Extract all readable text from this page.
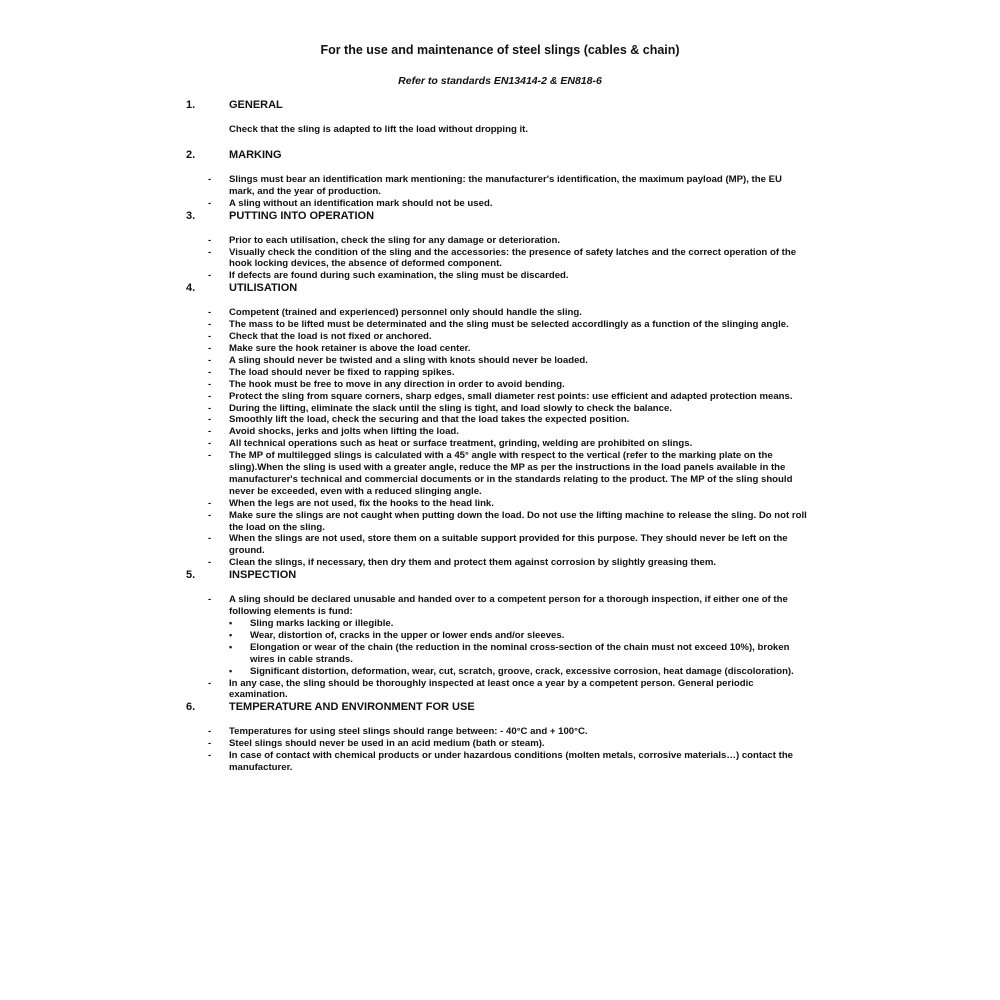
For the use and maintenance of steel slings (cables & chain)
Refer to standards EN13414-2 & EN818-6
1.	GENERAL
Check that the sling is adapted to lift the load without dropping it.
2.	MARKING
-	Slings must bear an identification mark mentioning: the manufacturer's identification, the maximum payload (MP), the EU mark, and the year of production.
-	A sling without an identification mark should not be used.
3.	PUTTING INTO OPERATION
-	Prior to each utilisation, check the sling for any damage or deterioration.
-	Visually check the condition of the sling and the accessories: the presence of safety latches and the correct operation of the hook locking devices, the absence of deformed component.
-	If defects are found during such examination, the sling must be discarded.
4.	UTILISATION
-	Competent (trained and experienced) personnel only should handle the sling.
-	The mass to be lifted must be determinated and the sling must be selected accordlingly as a function of the slinging angle.
-	Check that the load is not fixed or anchored.
-	Make sure the hook retainer is above the load center.
-	A sling should never be twisted and a sling with knots should never be loaded.
-	The load should never be fixed to rapping spikes.
-	The hook must be free to move in any direction in order to avoid bending.
-	Protect the sling from square corners, sharp edges, small diameter rest points: use efficient and adapted protection means.
-	During the lifting, eliminate the slack until the sling is tight, and load slowly to check the balance.
-	Smoothly lift the load, check the securing and that the load takes the expected position.
-	Avoid shocks, jerks and jolts when lifting the load.
-	All technical operations such as heat or surface treatment, grinding, welding are prohibited on slings.
-	The MP of multilegged slings is calculated with a 45° angle with respect to the vertical (refer to the marking plate on the sling).When the sling is used with a greater angle, reduce the MP as per the instructions in the load panels available in the manufacturer's technical and commercial documents or in the standards relating to the product. The MP of the sling should never be exceeded, even with a reduced slinging angle.
-	When the legs are not used, fix the hooks to the head link.
-	Make sure the slings are not caught when putting down the load. Do not use the lifting machine to release the sling. Do not roll the load on the sling.
-	When the slings are not used, store them on a suitable support provided for this purpose. They should never be left on the ground.
-	Clean the slings, if necessary, then dry them and protect them against corrosion by slightly greasing them.
5.	INSPECTION
-	A sling should be declared unusable and handed over to a competent person for a thorough inspection, if either one of the following elements is fund:
•	Sling marks lacking or illegible.
•	Wear, distortion of, cracks in the upper or lower ends and/or sleeves.
•	Elongation or wear of the chain (the reduction in the nominal cross-section of the chain must not exceed 10%), broken wires in cable strands.
•	Significant distortion, deformation, wear, cut, scratch, groove, crack, excessive corrosion, heat damage (discoloration).
-	In any case, the sling should be thoroughly inspected at least once a year by a competent person. General periodic examination.
6.	TEMPERATURE AND ENVIRONMENT FOR USE
-	Temperatures for using steel slings should range between: - 40°C and + 100°C.
-	Steel slings should never be used in an acid medium (bath or steam).
-	In case of contact with chemical products or under hazardous conditions (molten metals, corrosive materials…) contact the manufacturer.
